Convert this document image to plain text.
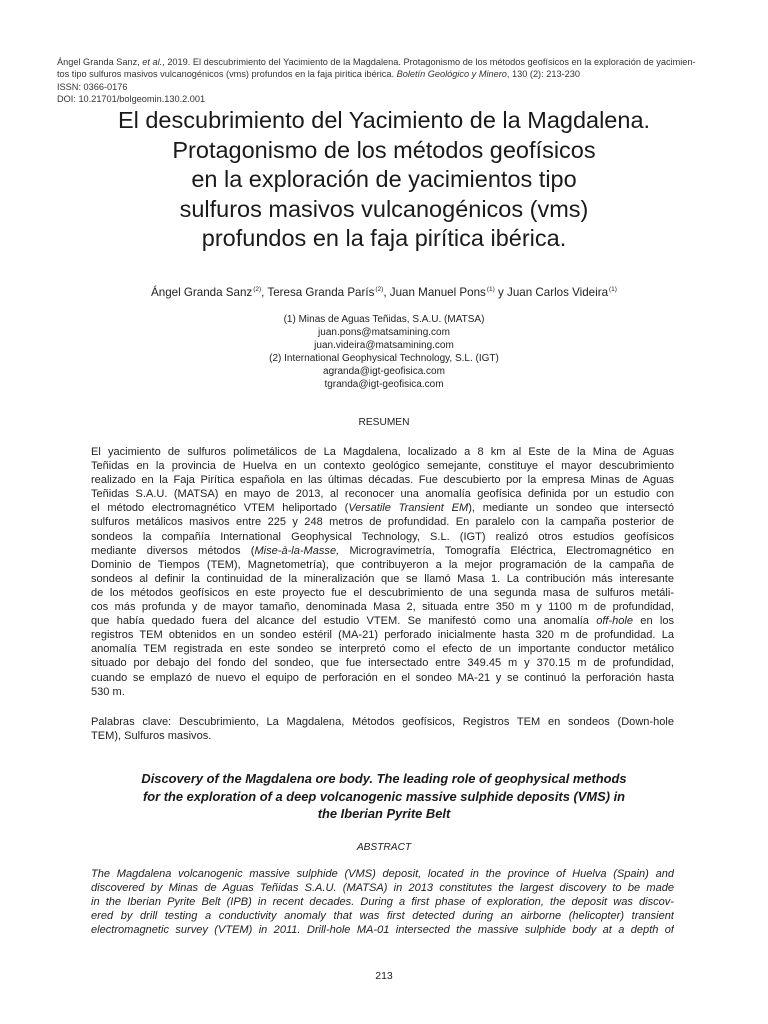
Ángel Granda Sanz, et al., 2019. El descubrimiento del Yacimiento de la Magdalena. Protagonismo de los métodos geofísicos en la exploración de yacimien-
tos tipo sulfuros masivos vulcanogénicos (vms) profundos en la faja pirítica ibérica. Boletín Geológico y Minero, 130 (2): 213-230
ISSN: 0366-0176
DOI: 10.21701/bolgeomin.130.2.001
El descubrimiento del Yacimiento de la Magdalena.
Protagonismo de los métodos geofísicos
en la exploración de yacimientos tipo
sulfuros masivos vulcanogénicos (vms)
profundos en la faja pirítica ibérica.
Ángel Granda Sanz$^{(2)}$, Teresa Granda París$^{(2)}$, Juan Manuel Pons$^{(1)}$ y Juan Carlos Videira$^{(1)}$
(1) Minas de Aguas Teñidas, S.A.U. (MATSA)
juan.pons@matsamining.com
juan.videira@matsamining.com
(2) International Geophysical Technology, S.L. (IGT)
agranda@igt-geofisica.com
tgranda@igt-geofisica.com
RESUMEN
El yacimiento de sulfuros polimetálicos de La Magdalena, localizado a 8 km al Este de la Mina de Aguas
Teñidas en la provincia de Huelva en un contexto geológico semejante, constituye el mayor descubrimiento
realizado en la Faja Pirítica española en las últimas décadas. Fue descubierto por la empresa Minas de Aguas
Teñidas S.A.U. (MATSA) en mayo de 2013, al reconocer una anomalía geofísica definida por un estudio con
el método electromagnético VTEM heliportado (Versatile Transient EM), mediante un sondeo que intersectó
sulfuros metálicos masivos entre 225 y 248 metros de profundidad. En paralelo con la campaña posterior de
sondeos la compañía International Geophysical Technology, S.L. (IGT) realizó otros estudios geofísicos
mediante diversos métodos (Mise-à-la-Masse, Microgravimetría, Tomografía Eléctrica, Electromagnético en
Dominio de Tiempos (TEM), Magnetometría), que contribuyeron a la mejor programación de la campaña de
sondeos al definir la continuidad de la mineralización que se llamó Masa 1. La contribución más interesante
de los métodos geofísicos en este proyecto fue el descubrimiento de una segunda masa de sulfuros metáli-
cos más profunda y de mayor tamaño, denominada Masa 2, situada entre 350 m y 1100 m de profundidad,
que había quedado fuera del alcance del estudio VTEM. Se manifestó como una anomalía off-hole en los
registros TEM obtenidos en un sondeo estéril (MA-21) perforado inicialmente hasta 320 m de profundidad. La
anomalía TEM registrada en este sondeo se interpretó como el efecto de un importante conductor metálico
situado por debajo del fondo del sondeo, que fue intersectado entre 349.45 m y 370.15 m de profundidad,
cuando se emplazó de nuevo el equipo de perforación en el sondeo MA-21 y se continuó la perforación hasta
530 m.
Palabras clave: Descubrimiento, La Magdalena, Métodos geofísicos, Registros TEM en sondeos (Down-hole
TEM), Sulfuros masivos.
Discovery of the Magdalena ore body. The leading role of geophysical methods
for the exploration of a deep volcanogenic massive sulphide deposits (VMS) in
the Iberian Pyrite Belt
ABSTRACT
The Magdalena volcanogenic massive sulphide (VMS) deposit, located in the province of Huelva (Spain) and
discovered by Minas de Aguas Teñidas S.A.U. (MATSA) in 2013 constitutes the largest discovery to be made
in the Iberian Pyrite Belt (IPB) in recent decades. During a first phase of exploration, the deposit was discov-
ered by drill testing a conductivity anomaly that was first detected during an airborne (helicopter) transient
electromagnetic survey (VTEM) in 2011. Drill-hole MA-01 intersected the massive sulphide body at a depth of
213
